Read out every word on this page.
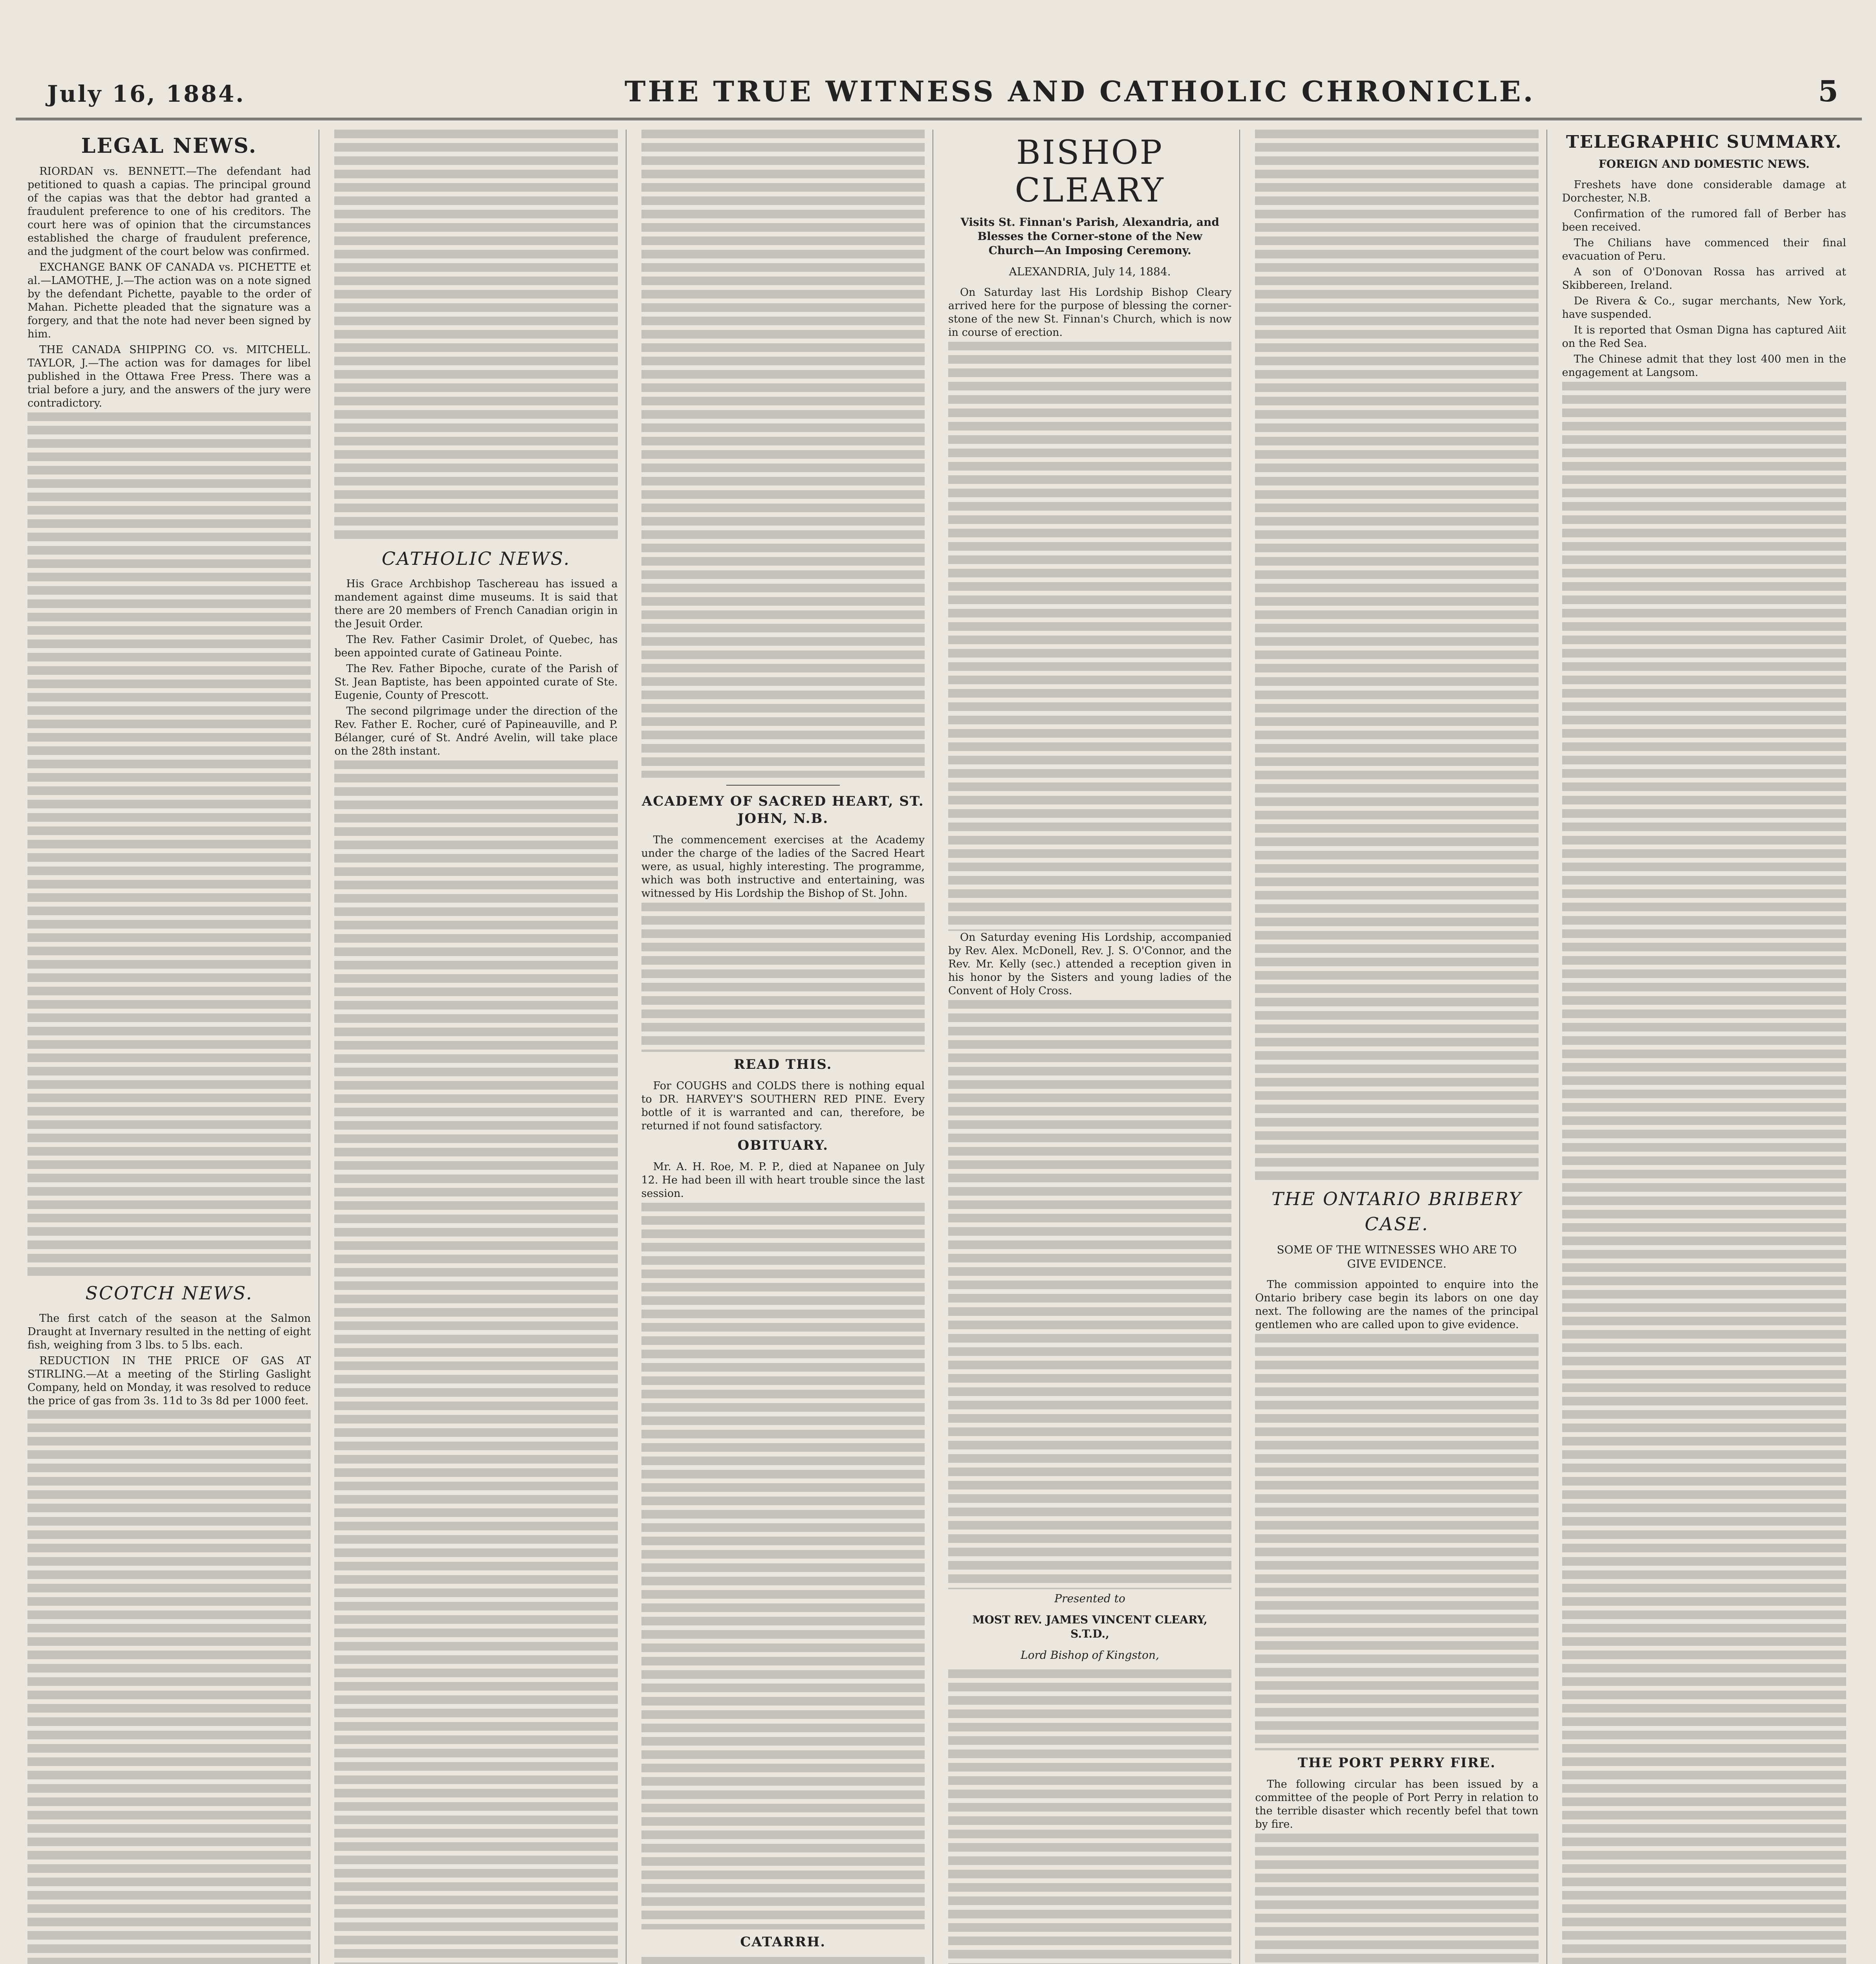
July 16, 1884.	THE TRUE WITNESS AND CATHOLIC CHRONICLE.	5
LEGAL NEWS.

RIORDAN vs. BENNETT.—The defendant had petitioned to quash a capias. The principal ground of the capias was that the debtor had granted a fraudulent preference to one of his creditors. The court here was of opinion that the circumstances established the charge of fraudulent preference, and the judgment of the court below was confirmed.

EXCHANGE BANK OF CANADA vs. PICHETTE et al.—LAMOTHE, J.—The action was on a note signed by the defendant Pichette, payable to the order of Mahan. Pichette pleaded that the signature was a forgery, and that the note had never been signed by him.

THE CANADA SHIPPING CO. vs. MITCHELL. TAYLOR, J.—The action was for damages for libel published in the Ottawa Free Press. There was a trial before a jury, and the answers of the jury were contradictory.

SCOTCH NEWS.

The first catch of the season at the Salmon Draught at Invernary resulted in the netting of eight fish, weighing from 3 lbs. to 5 lbs. each.

REDUCTION IN THE PRICE OF GAS AT STIRLING.—At a meeting of the Stirling Gaslight Company, held on Monday, it was resolved to reduce the price of gas from 3s. 11d to 3s 8d per 1000 feet.

CATHOLIC NEWS.

His Grace Archbishop Taschereau has issued a mandement against dime museums. It is said that there are 20 members of French Canadian origin in the Jesuit Order.

The Rev. Father Casimir Drolet, of Quebec, has been appointed curate of Gatineau Pointe.

The Rev. Father Bipoche, curate of the Parish of St. Jean Baptiste, has been appointed curate of Ste. Eugenie, County of Prescott.

The second pilgrimage under the direction of the Rev. Father E. Rocher, curé of Papineauville, and P. Bélanger, curé of St. André Avelin, will take place on the 28th instant.

ACADEMY OF SACRED HEART, ST. JOHN, N.B.

The commencement exercises at the Academy under the charge of the ladies of the Sacred Heart were, as usual, highly interesting. The programme, which was both instructive and entertaining, was witnessed by His Lordship the Bishop of St. John.

READ THIS.

For COUGHS and COLDS there is nothing equal to DR. HARVEY'S SOUTHERN RED PINE. Every bottle of it is warranted and can, therefore, be returned if not found satisfactory.

OBITUARY.

Mr. A. H. Roe, M. P. P., died at Napanee on July 12. He had been ill with heart trouble since the last session.

CATARRH.
BISHOP CLEARY
Visits St. Finnan's Parish, Alexandria, and Blesses the Corner-stone of the New Church—An Imposing Ceremony.
ALEXANDRIA, July 14, 1884.

On Saturday last His Lordship Bishop Cleary arrived here for the purpose of blessing the corner-stone of the new St. Finnan's Church, which is now in course of erection.

On Saturday evening His Lordship, accompanied by Rev. Alex. McDonell, Rev. J. S. O'Connor, and the Rev. Mr. Kelly (sec.) attended a reception given in his honor by the Sisters and young ladies of the Convent of Holy Cross.

Presented to
MOST REV. JAMES VINCENT CLEARY, S.T.D.,
Lord Bishop of Kingston,
THE ONTARIO BRIBERY CASE.
SOME OF THE WITNESSES WHO ARE TO GIVE EVIDENCE.

The commission appointed to enquire into the Ontario bribery case begin its labors on one day next. The following are the names of the principal gentlemen who are called upon to give evidence.

THE PORT PERRY FIRE.

The following circular has been issued by a committee of the people of Port Perry in relation to the terrible disaster which recently befel that town by fire.

TELEGRAPHIC SUMMARY.
FOREIGN AND DOMESTIC NEWS.

Freshets have done considerable damage at Dorchester, N.B.

Confirmation of the rumored fall of Berber has been received.

The Chilians have commenced their final evacuation of Peru.

A son of O'Donovan Rossa has arrived at Skibbereen, Ireland.

De Rivera & Co., sugar merchants, New York, have suspended.

It is reported that Osman Digna has captured Aiit on the Red Sea.

The Chinese admit that they lost 400 men in the engagement at Langsom.
